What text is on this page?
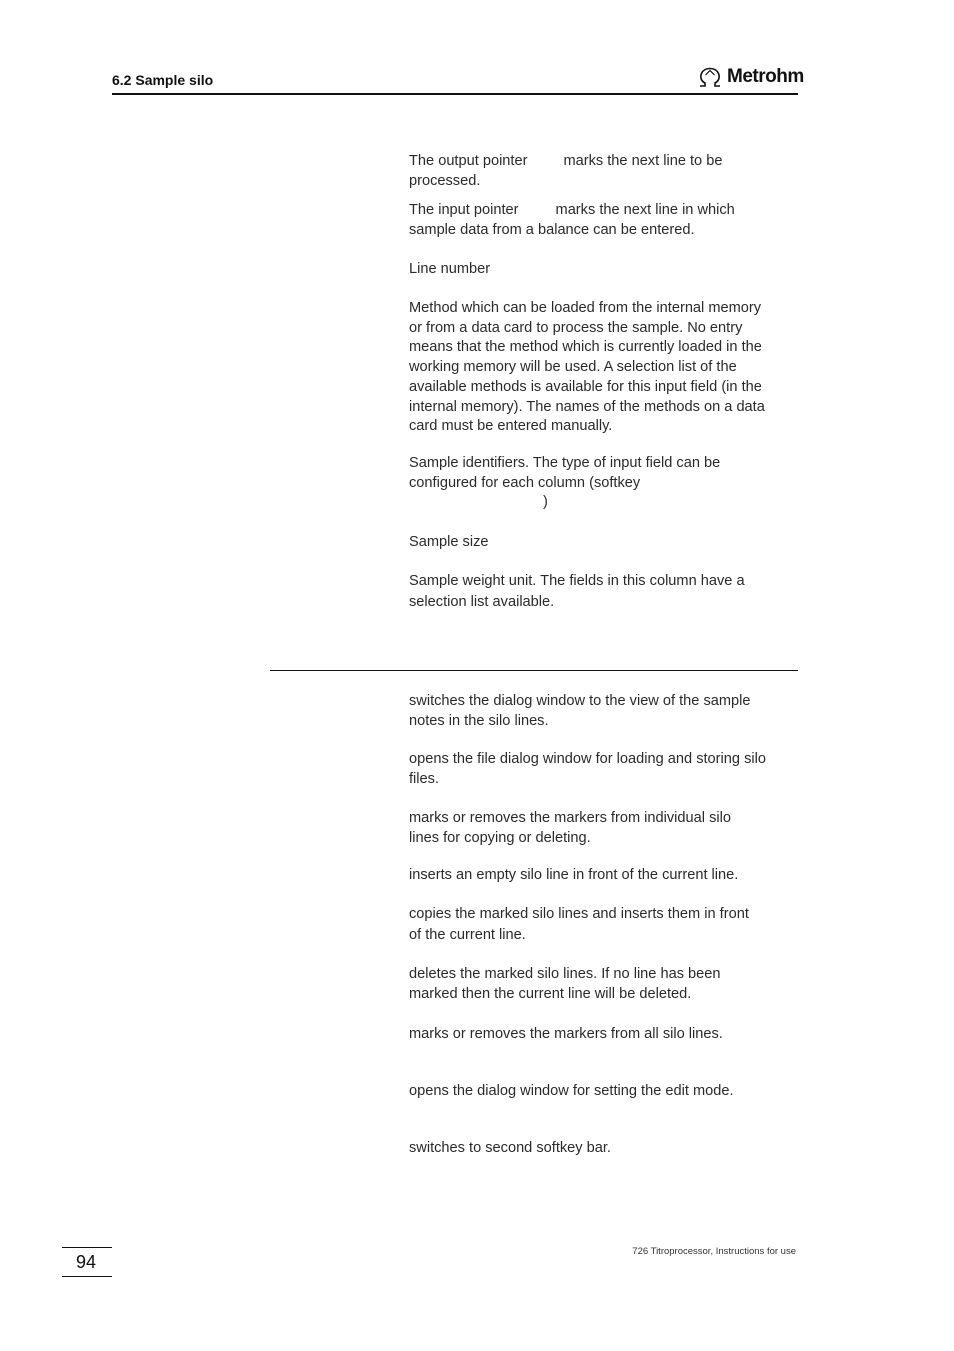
6.2 Sample silo	Metrohm
The output pointer marks the next line to be
processed.
The input pointer	marks the next line in which
sample data from a balance can be entered.
Line number
Method which can be loaded from the internal memory
or from a data card to process the sample. No entry
means that the method which is currently loaded in the
working memory will be used. A selection list of the
available methods is available for this input field (in the
internal memory). The names of the methods on a data
card must be entered manually.
Sample identifiers. The type of input field can be
configured for each column (softkey
)
Sample size
Sample weight unit. The fields in this column have a
selection list available.
switches the dialog window to the view of the sample
notes in the silo lines.
opens the file dialog window for loading and storing silo
files.
marks or removes the markers from individual silo
lines for copying or deleting.
inserts an empty silo line in front of the current line.
copies the marked silo lines and inserts them in front
of the current line.
deletes the marked silo lines. If no line has been
marked then the current line will be deleted.
marks or removes the markers from all silo lines.
opens the dialog window for setting the edit mode.
switches to second softkey bar.
94
726 Titroprocessor, Instructions for use
